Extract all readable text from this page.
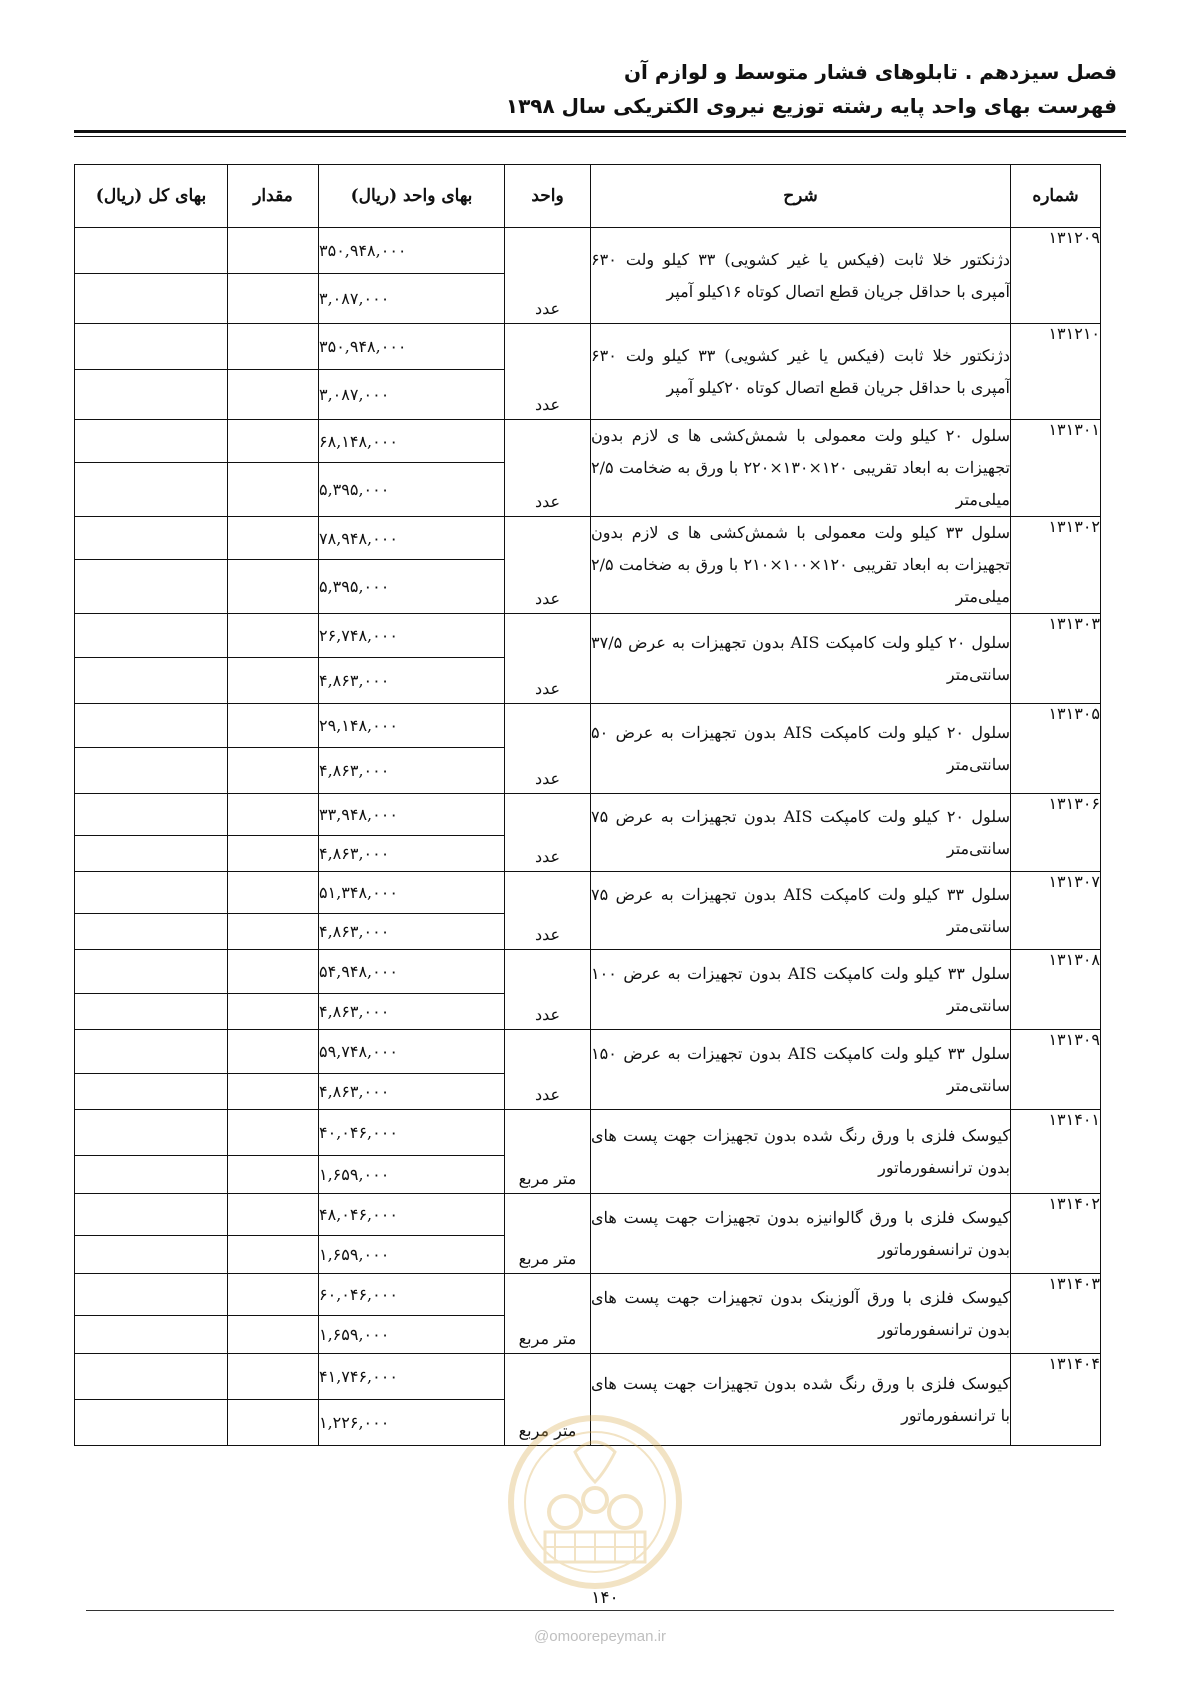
فصل سیزدهم . تابلوهای فشار متوسط و لوازم آن
فهرست بهای واحد پایه رشته توزیع نیروی الکتریکی سال ۱۳۹۸
شماره	شرح	واحد	بهای واحد (ریال)	مقدار	بهای کل (ریال)
۱۳۱۲۰۹	دژنکتور خلا ثابت (فیکس یا غیر کشویی) ۳۳ کیلو ولت ۶۳۰ آمپری با حداقل جریان قطع اتصال کوتاه ۱۶کیلو آمپر	عدد	۳۵۰,۹۴۸,۰۰۰		
			۳,۰۸۷,۰۰۰		
۱۳۱۲۱۰	دژنکتور خلا ثابت (فیکس یا غیر کشویی) ۳۳ کیلو ولت ۶۳۰ آمپری با حداقل جریان قطع اتصال کوتاه ۲۰کیلو آمپر	عدد	۳۵۰,۹۴۸,۰۰۰		
			۳,۰۸۷,۰۰۰		
۱۳۱۳۰۱	سلول ۲۰ کیلو ولت معمولی با شمش‌کشی ها ی لازم بدون تجهیزات به ابعاد تقریبی ۱۲۰×۱۳۰×۲۲۰ با ورق به ضخامت ۲/۵ میلی‌متر	عدد	۶۸,۱۴۸,۰۰۰		
			۵,۳۹۵,۰۰۰		
۱۳۱۳۰۲	سلول ۳۳ کیلو ولت معمولی با شمش‌کشی ها ی لازم بدون تجهیزات به ابعاد تقریبی ۱۲۰×۱۰۰×۲۱۰ با ورق به ضخامت ۲/۵ میلی‌متر	عدد	۷۸,۹۴۸,۰۰۰		
			۵,۳۹۵,۰۰۰		
۱۳۱۳۰۳	سلول ۲۰ کیلو ولت کامپکت AIS بدون تجهیزات به عرض ۳۷/۵ سانتی‌متر	عدد	۲۶,۷۴۸,۰۰۰		
			۴,۸۶۳,۰۰۰		
۱۳۱۳۰۵	سلول ۲۰ کیلو ولت کامپکت AIS بدون تجهیزات به عرض ۵۰ سانتی‌متر	عدد	۲۹,۱۴۸,۰۰۰		
			۴,۸۶۳,۰۰۰		
۱۳۱۳۰۶	سلول ۲۰ کیلو ولت کامپکت AIS بدون تجهیزات به عرض ۷۵ سانتی‌متر	عدد	۳۳,۹۴۸,۰۰۰		
			۴,۸۶۳,۰۰۰		
۱۳۱۳۰۷	سلول ۳۳ کیلو ولت کامپکت AIS بدون تجهیزات به عرض ۷۵ سانتی‌متر	عدد	۵۱,۳۴۸,۰۰۰		
			۴,۸۶۳,۰۰۰		
۱۳۱۳۰۸	سلول ۳۳ کیلو ولت کامپکت AIS بدون تجهیزات به عرض ۱۰۰ سانتی‌متر	عدد	۵۴,۹۴۸,۰۰۰		
			۴,۸۶۳,۰۰۰		
۱۳۱۳۰۹	سلول ۳۳ کیلو ولت کامپکت AIS بدون تجهیزات به عرض ۱۵۰ سانتی‌متر	عدد	۵۹,۷۴۸,۰۰۰		
			۴,۸۶۳,۰۰۰		
۱۳۱۴۰۱	کیوسک فلزی با ورق رنگ شده بدون تجهیزات جهت پست های بدون ترانسفورماتور	متر مربع	۴۰,۰۴۶,۰۰۰		
			۱,۶۵۹,۰۰۰		
۱۳۱۴۰۲	کیوسک فلزی با ورق گالوانیزه بدون تجهیزات جهت پست های بدون ترانسفورماتور	متر مربع	۴۸,۰۴۶,۰۰۰		
			۱,۶۵۹,۰۰۰		
۱۳۱۴۰۳	کیوسک فلزی با ورق آلوزینک بدون تجهیزات جهت پست های بدون ترانسفورماتور	متر مربع	۶۰,۰۴۶,۰۰۰		
			۱,۶۵۹,۰۰۰		
۱۳۱۴۰۴	کیوسک فلزی با ورق رنگ شده بدون تجهیزات جهت پست های با ترانسفورماتور	متر مربع	۴۱,۷۴۶,۰۰۰		
			۱,۲۲۶,۰۰۰		
۱۴۰
@omoorepeyman.ir
